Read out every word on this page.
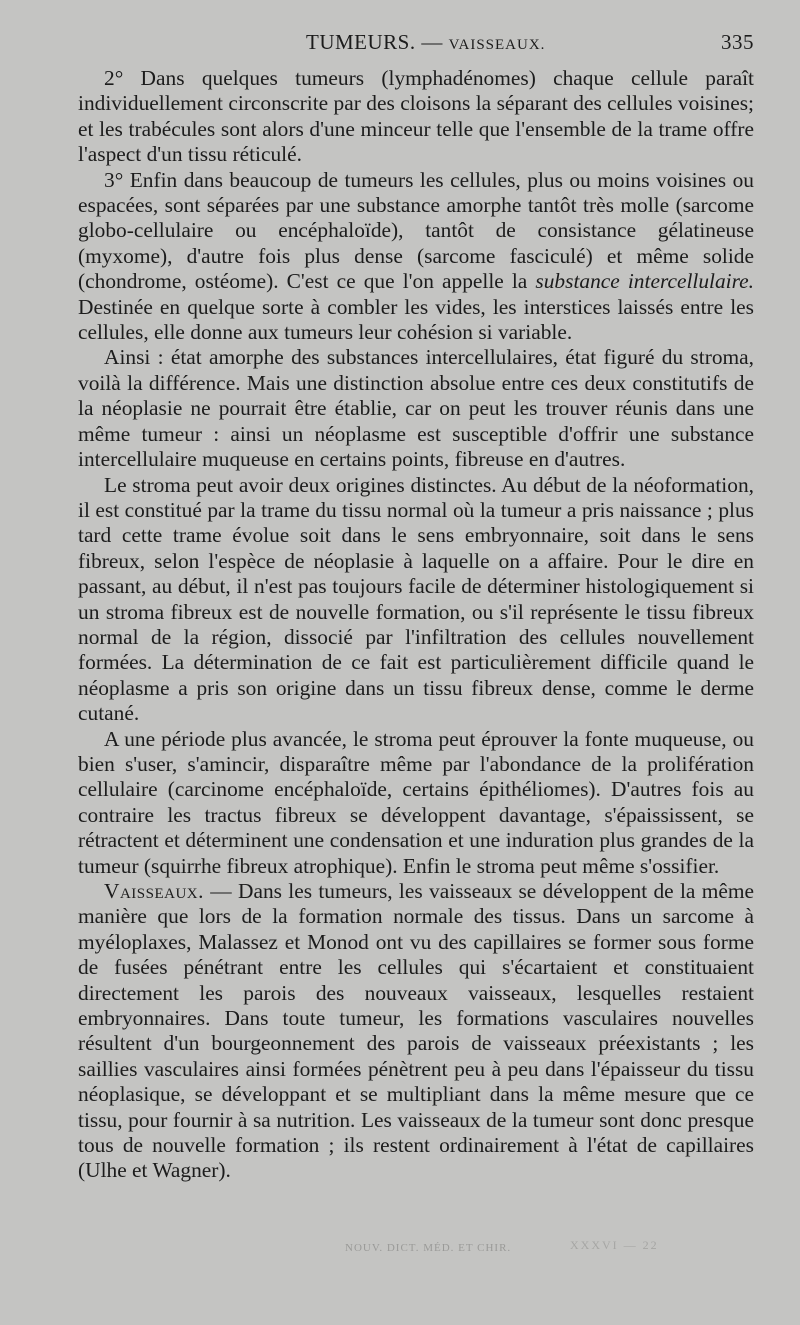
TUMEURS. — VAISSEAUX.	335

2° Dans quelques tumeurs (lymphadénomes) chaque cellule paraît individuellement circonscrite par des cloisons la séparant des cellules voisines; et les trabécules sont alors d'une minceur telle que l'ensemble de la trame offre l'aspect d'un tissu réticulé.

3° Enfin dans beaucoup de tumeurs les cellules, plus ou moins voisines ou espacées, sont séparées par une substance amorphe tantôt très molle (sarcome globo-cellulaire ou encéphaloïde), tantôt de consistance gélatineuse (myxome), d'autre fois plus dense (sarcome fasciculé) et même solide (chondrome, ostéome). C'est ce que l'on appelle la substance intercellulaire. Destinée en quelque sorte à combler les vides, les interstices laissés entre les cellules, elle donne aux tumeurs leur cohésion si variable.

Ainsi : état amorphe des substances intercellulaires, état figuré du stroma, voilà la différence. Mais une distinction absolue entre ces deux constitutifs de la néoplasie ne pourrait être établie, car on peut les trouver réunis dans une même tumeur : ainsi un néoplasme est susceptible d'offrir une substance intercellulaire muqueuse en certains points, fibreuse en d'autres.

Le stroma peut avoir deux origines distinctes. Au début de la néoformation, il est constitué par la trame du tissu normal où la tumeur a pris naissance ; plus tard cette trame évolue soit dans le sens embryonnaire, soit dans le sens fibreux, selon l'espèce de néoplasie à laquelle on a affaire. Pour le dire en passant, au début, il n'est pas toujours facile de déterminer histologiquement si un stroma fibreux est de nouvelle formation, ou s'il représente le tissu fibreux normal de la région, dissocié par l'infiltration des cellules nouvellement formées. La détermination de ce fait est particulièrement difficile quand le néoplasme a pris son origine dans un tissu fibreux dense, comme le derme cutané.

A une période plus avancée, le stroma peut éprouver la fonte muqueuse, ou bien s'user, s'amincir, disparaître même par l'abondance de la prolifération cellulaire (carcinome encéphaloïde, certains épithéliomes). D'autres fois au contraire les tractus fibreux se développent davantage, s'épaississent, se rétractent et déterminent une condensation et une induration plus grandes de la tumeur (squirrhe fibreux atrophique). Enfin le stroma peut même s'ossifier.

Vaisseaux. — Dans les tumeurs, les vaisseaux se développent de la même manière que lors de la formation normale des tissus. Dans un sarcome à myéloplaxes, Malassez et Monod ont vu des capillaires se former sous forme de fusées pénétrant entre les cellules qui s'écartaient et constituaient directement les parois des nouveaux vaisseaux, lesquelles restaient embryonnaires. Dans toute tumeur, les formations vasculaires nouvelles résultent d'un bourgeonnement des parois de vaisseaux préexistants ; les saillies vasculaires ainsi formées pénètrent peu à peu dans l'épaisseur du tissu néoplasique, se développant et se multipliant dans la même mesure que ce tissu, pour fournir à sa nutrition. Les vaisseaux de la tumeur sont donc presque tous de nouvelle formation ; ils restent ordinairement à l'état de capillaires (Ulhe et Wagner).

NOUV. DICT. MÉD. ET CHIR.	XXXVI — 22
